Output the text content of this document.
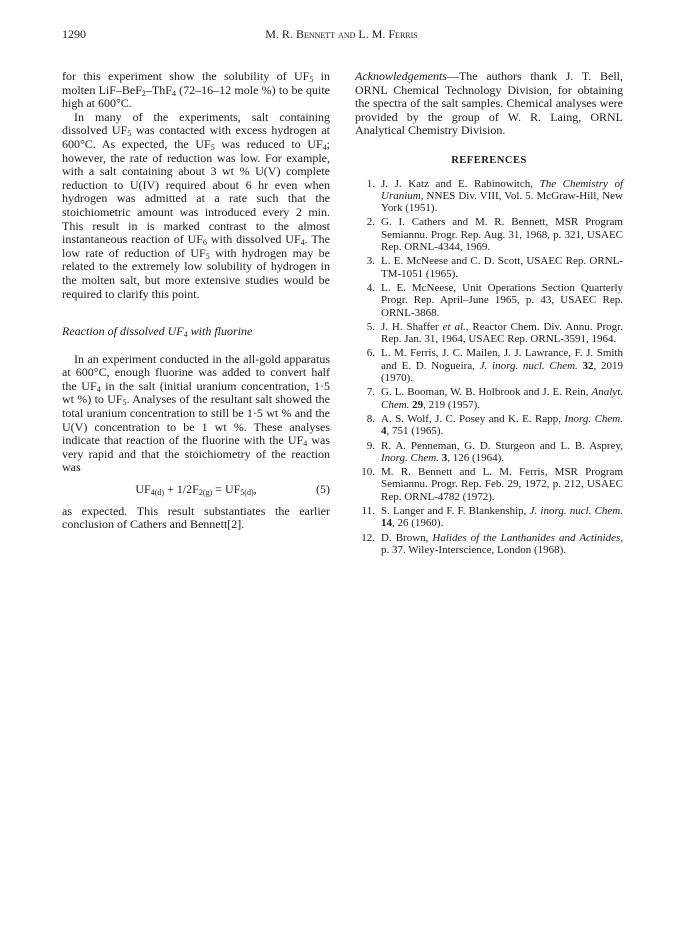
1290	M. R. Bennett and L. M. Ferris

for this experiment show the solubility of $UF_5$ in molten LiF–BeF$_2$–ThF$_4$ (72–16–12 mole %) to be quite high at 600°C.

In many of the experiments, salt containing dissolved $UF_5$ was contacted with excess hydrogen at 600°C. As expected, the $UF_5$ was reduced to $UF_4$; however, the rate of reduction was low. For example, with a salt containing about 3 wt % U(V) complete reduction to U(IV) required about 6 hr even when hydrogen was admitted at a rate such that the stoichiometric amount was introduced every 2 min. This result in is marked contrast to the almost instantaneous reaction of $UF_6$ with dissolved $UF_4$. The low rate of reduction of $UF_5$ with hydrogen may be related to the extremely low solubility of hydrogen in the molten salt, but more extensive studies would be required to clarify this point.

Reaction of dissolved $UF_4$ with fluorine

In an experiment conducted in the all-gold apparatus at 600°C, enough fluorine was added to convert half the $UF_4$ in the salt (initial uranium concentration, 1·5 wt %) to $UF_5$. Analyses of the resultant salt showed the total uranium concentration to still be 1·5 wt % and the U(V) concentration to be 1 wt %. These analyses indicate that reaction of the fluorine with the $UF_4$ was very rapid and that the stoichiometry of the reaction was

$UF_{4(d)} + 1/2F_{2(g)} = UF_{5(d)}$,	(5)

as expected. This result substantiates the earlier conclusion of Cathers and Bennett[2].

Acknowledgements—The authors thank J. T. Bell, ORNL Chemical Technology Division, for obtaining the spectra of the salt samples. Chemical analyses were provided by the group of W. R. Laing, ORNL Analytical Chemistry Division.

REFERENCES
1. J. J. Katz and E. Rabinowitch, The Chemistry of Uranium, NNES Div. VIII, Vol. 5. McGraw-Hill, New York (1951).
2. G. I. Cathers and M. R. Bennett, MSR Program Semiannu. Progr. Rep. Aug. 31, 1968, p. 321, USAEC Rep. ORNL-4344, 1969.
3. L. E. McNeese and C. D. Scott, USAEC Rep. ORNL-TM-1051 (1965).
4. L. E. McNeese, Unit Operations Section Quarterly Progr. Rep. April–June 1965, p. 43, USAEC Rep. ORNL-3868.
5. J. H. Shaffer et al., Reactor Chem. Div. Annu. Progr. Rep. Jan. 31, 1964, USAEC Rep. ORNL-3591, 1964.
6. L. M. Ferris, J. C. Mailen, J. J. Lawrance, F. J. Smith and E. D. Nogueira, J. inorg. nucl. Chem. 32, 2019 (1970).
7. G. L. Booman, W. B. Holbrook and J. E. Rein, Analyt. Chem. 29, 219 (1957).
8. A. S. Wolf, J. C. Posey and K. E. Rapp, Inorg. Chem. 4, 751 (1965).
9. R. A. Penneman, G. D. Sturgeon and L. B. Asprey, Inorg. Chem. 3, 126 (1964).
10. M. R. Bennett and L. M. Ferris, MSR Program Semiannu. Progr. Rep. Feb. 29, 1972, p. 212, USAEC Rep. ORNL-4782 (1972).
11. S. Langer and F. F. Blankenship, J. inorg. nucl. Chem. 14, 26 (1960).
12. D. Brown, Halides of the Lanthanides and Actinides, p. 37. Wiley-Interscience, London (1968).
